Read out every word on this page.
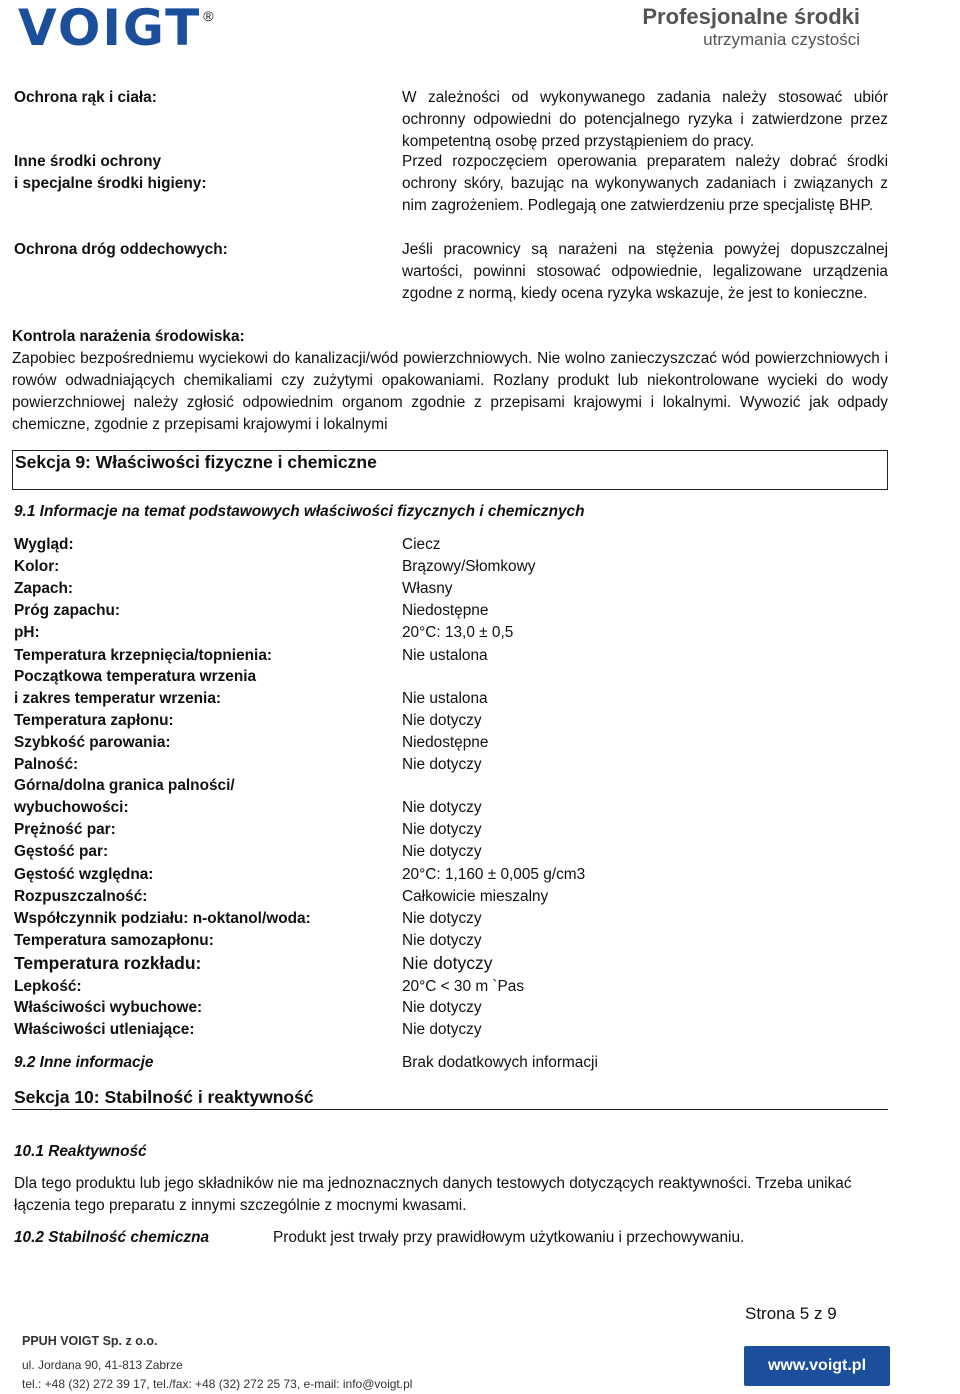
VOIGT ®	Profesjonalne środki
utrzymania czystości
Ochrona rąk i ciała:	W zależności od wykonywanego zadania należy stosować ubiór ochronny odpowiedni do potencjalnego ryzyka i zatwierdzone przez kompetentną osobę przed przystąpieniem do pracy.
Inne środki ochrony
i specjalne środki higieny:
Przed rozpoczęciem operowania preparatem należy dobrać środki ochrony skóry, bazując na wykonywanych zadaniach i związanych z nim zagrożeniem. Podlegają one zatwierdzeniu prze specjalistę BHP.
Ochrona dróg oddechowych:	Jeśli pracownicy są narażeni na stężenia powyżej dopuszczalnej wartości, powinni stosować odpowiednie, legalizowane urządzenia zgodne z normą, kiedy ocena ryzyka wskazuje, że jest to konieczne.
Kontrola narażenia środowiska:
Zapobiec bezpośredniemu wyciekowi do kanalizacji/wód powierzchniowych. Nie wolno zanieczyszczać wód powierzchniowych i rowów odwadniających chemikaliami czy zużytymi opakowaniami. Rozlany produkt lub niekontrolowane wycieki do wody powierzchniowej należy zgłosić odpowiednim organom zgodnie z przepisami krajowymi i lokalnymi. Wywozić jak odpady chemiczne, zgodnie z przepisami krajowymi i lokalnymi
Sekcja 9: Właściwości fizyczne i chemiczne
9.1 Informacje na temat podstawowych właściwości fizycznych i chemicznych
Wygląd:	Ciecz
Kolor:	Brązowy/Słomkowy
Zapach:	Własny
Próg zapachu:	Niedostępne
pH:	20°C: 13,0 ± 0,5
Temperatura krzepnięcia/topnienia:	Nie ustalona
Początkowa temperatura wrzenia
i zakres temperatur wrzenia:	Nie ustalona
Temperatura zapłonu:	Nie dotyczy
Szybkość parowania:	Niedostępne
Palność:	Nie dotyczy
Górna/dolna granica palności/
wybuchowości:	Nie dotyczy
Prężność par:	Nie dotyczy
Gęstość par:	Nie dotyczy
Gęstość względna:	20°C: 1,160 ± 0,005 g/cm3
Rozpuszczalność:	Całkowicie mieszalny
Współczynnik podziału: n-oktanol/woda:	Nie dotyczy
Temperatura samozapłonu:	Nie dotyczy
Temperatura rozkładu:	Nie dotyczy
Lepkość:	20°C < 30 m `Pas
Właściwości wybuchowe:	Nie dotyczy
Właściwości utleniające:	Nie dotyczy
9.2 Inne informacje	Brak dodatkowych informacji
Sekcja 10: Stabilność i reaktywność
10.1 Reaktywność
Dla tego produktu lub jego składników nie ma jednoznacznych danych testowych dotyczących reaktywności. Trzeba unikać łączenia tego preparatu z innymi szczególnie z mocnymi kwasami.
10.2 Stabilność chemiczna	Produkt jest trwały przy prawidłowym użytkowaniu i przechowywaniu.
Strona 5 z 9
PPUH VOIGT Sp. z o.o.
ul. Jordana 90, 41-813 Zabrze
tel.: +48 (32) 272 39 17, tel./fax: +48 (32) 272 25 73, e-mail: info@voigt.pl
www.voigt.pl
